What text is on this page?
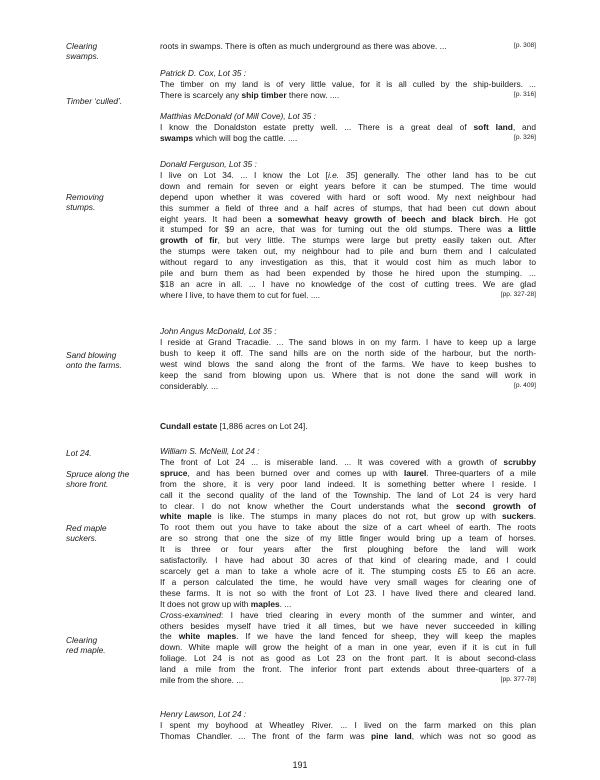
Clearing
swamps.
Timber ‘culled’.
Removing
stumps.
Sand blowing
onto the farms.
Lot 24.
Spruce along the
shore front.
Red maple
suckers.
Clearing
red maple.
[p. 308]
roots in swamps. There is often as much underground as there was above. ...
Patrick D. Cox, Lot 35 :
The timber on my land is of very little value, for it is all culled by the ship-builders. ...
[p. 316]
There is scarcely any ship timber there now. ....
Matthias McDonald (of Mill Cove), Lot 35 :
I know the Donaldston estate pretty well. ... There is a great deal of soft land, and
[p. 326]
swamps which will bog the cattle. ....
Donald Ferguson, Lot 35 :
I live on Lot 34. ... I know the Lot [i.e. 35] generally. The other land has to be cut
down and remain for seven or eight years before it can be stumped. The time would
depend upon whether it was covered with hard or soft wood. My next neighbour had
this summer a field of three and a half acres of stumps, that had been cut down about
eight years. It had been a somewhat heavy growth of beech and black birch. He got
it stumped for $9 an acre, that was for turning out the old stumps. There was a little
growth of fir, but very little. The stumps were large but pretty easily taken out. After
the stumps were taken out, my neighbour had to pile and burn them and I calculated
without regard to any investigation as this, that it would cost him as much labor to
pile and burn them as had been expended by those he hired upon the stumping. ...
$18 an acre in all. ... I have no knowledge of the cost of cutting trees. We are glad
[pp. 327-28]
where I live, to have them to cut for fuel. ....
John Angus McDonald, Lot 35 :
I reside at Grand Tracadie. ... The sand blows in on my farm. I have to keep up a large
bush to keep it off. The sand hills are on the north side of the harbour, but the north-
west wind blows the sand along the front of the farms. We have to keep bushes to
keep the sand from blowing upon us. Where that is not done the sand will work in
[p. 409]
considerably. ...
Cundall estate [1,886 acres on Lot 24].
William S. McNeill, Lot 24 :
The front of Lot 24 ... is miserable land. ... It was covered with a growth of scrubby
spruce, and has been burned over and comes up with laurel. Three-quarters of a mile
from the shore, it is very poor land indeed. It is something better where I reside. I
call it the second quality of the land of the Township. The land of Lot 24 is very hard
to clear. I do not know whether the Court understands what the second growth of
white maple is like. The stumps in many places do not rot, but grow up with suckers.
To root them out you have to take about the size of a cart wheel of earth. The roots
are so strong that one the size of my little finger would bring up a team of horses.
It is three or four years after the first ploughing before the land will work
satisfactorily. I have had about 30 acres of that kind of clearing made, and I could
scarcely get a man to take a whole acre of it. The stumping costs £5 to £6 an acre.
If a person calculated the time, he would have very small wages for clearing one of
these farms. It is not so with the front of Lot 23. I have lived there and cleared land.
It does not grow up with maples. ...
Cross-examined: I have tried clearing in every month of the summer and winter, and
others besides myself have tried it all times, but we have never succeeded in killing
the white maples. If we have the land fenced for sheep, they will keep the maples
down. White maple will grow the height of a man in one year, even if it is cut in full
foliage. Lot 24 is not as good as Lot 23 on the front part. It is about second-class
land a mile from the front. The inferior front part extends about three-quarters of a
[pp. 377-78]
mile from the shore. ...
Henry Lawson, Lot 24 :
I spent my boyhood at Wheatley River. ... I lived on the farm marked on this plan
Thomas Chandler. ... The front of the farm was pine land, which was not so good as
191
